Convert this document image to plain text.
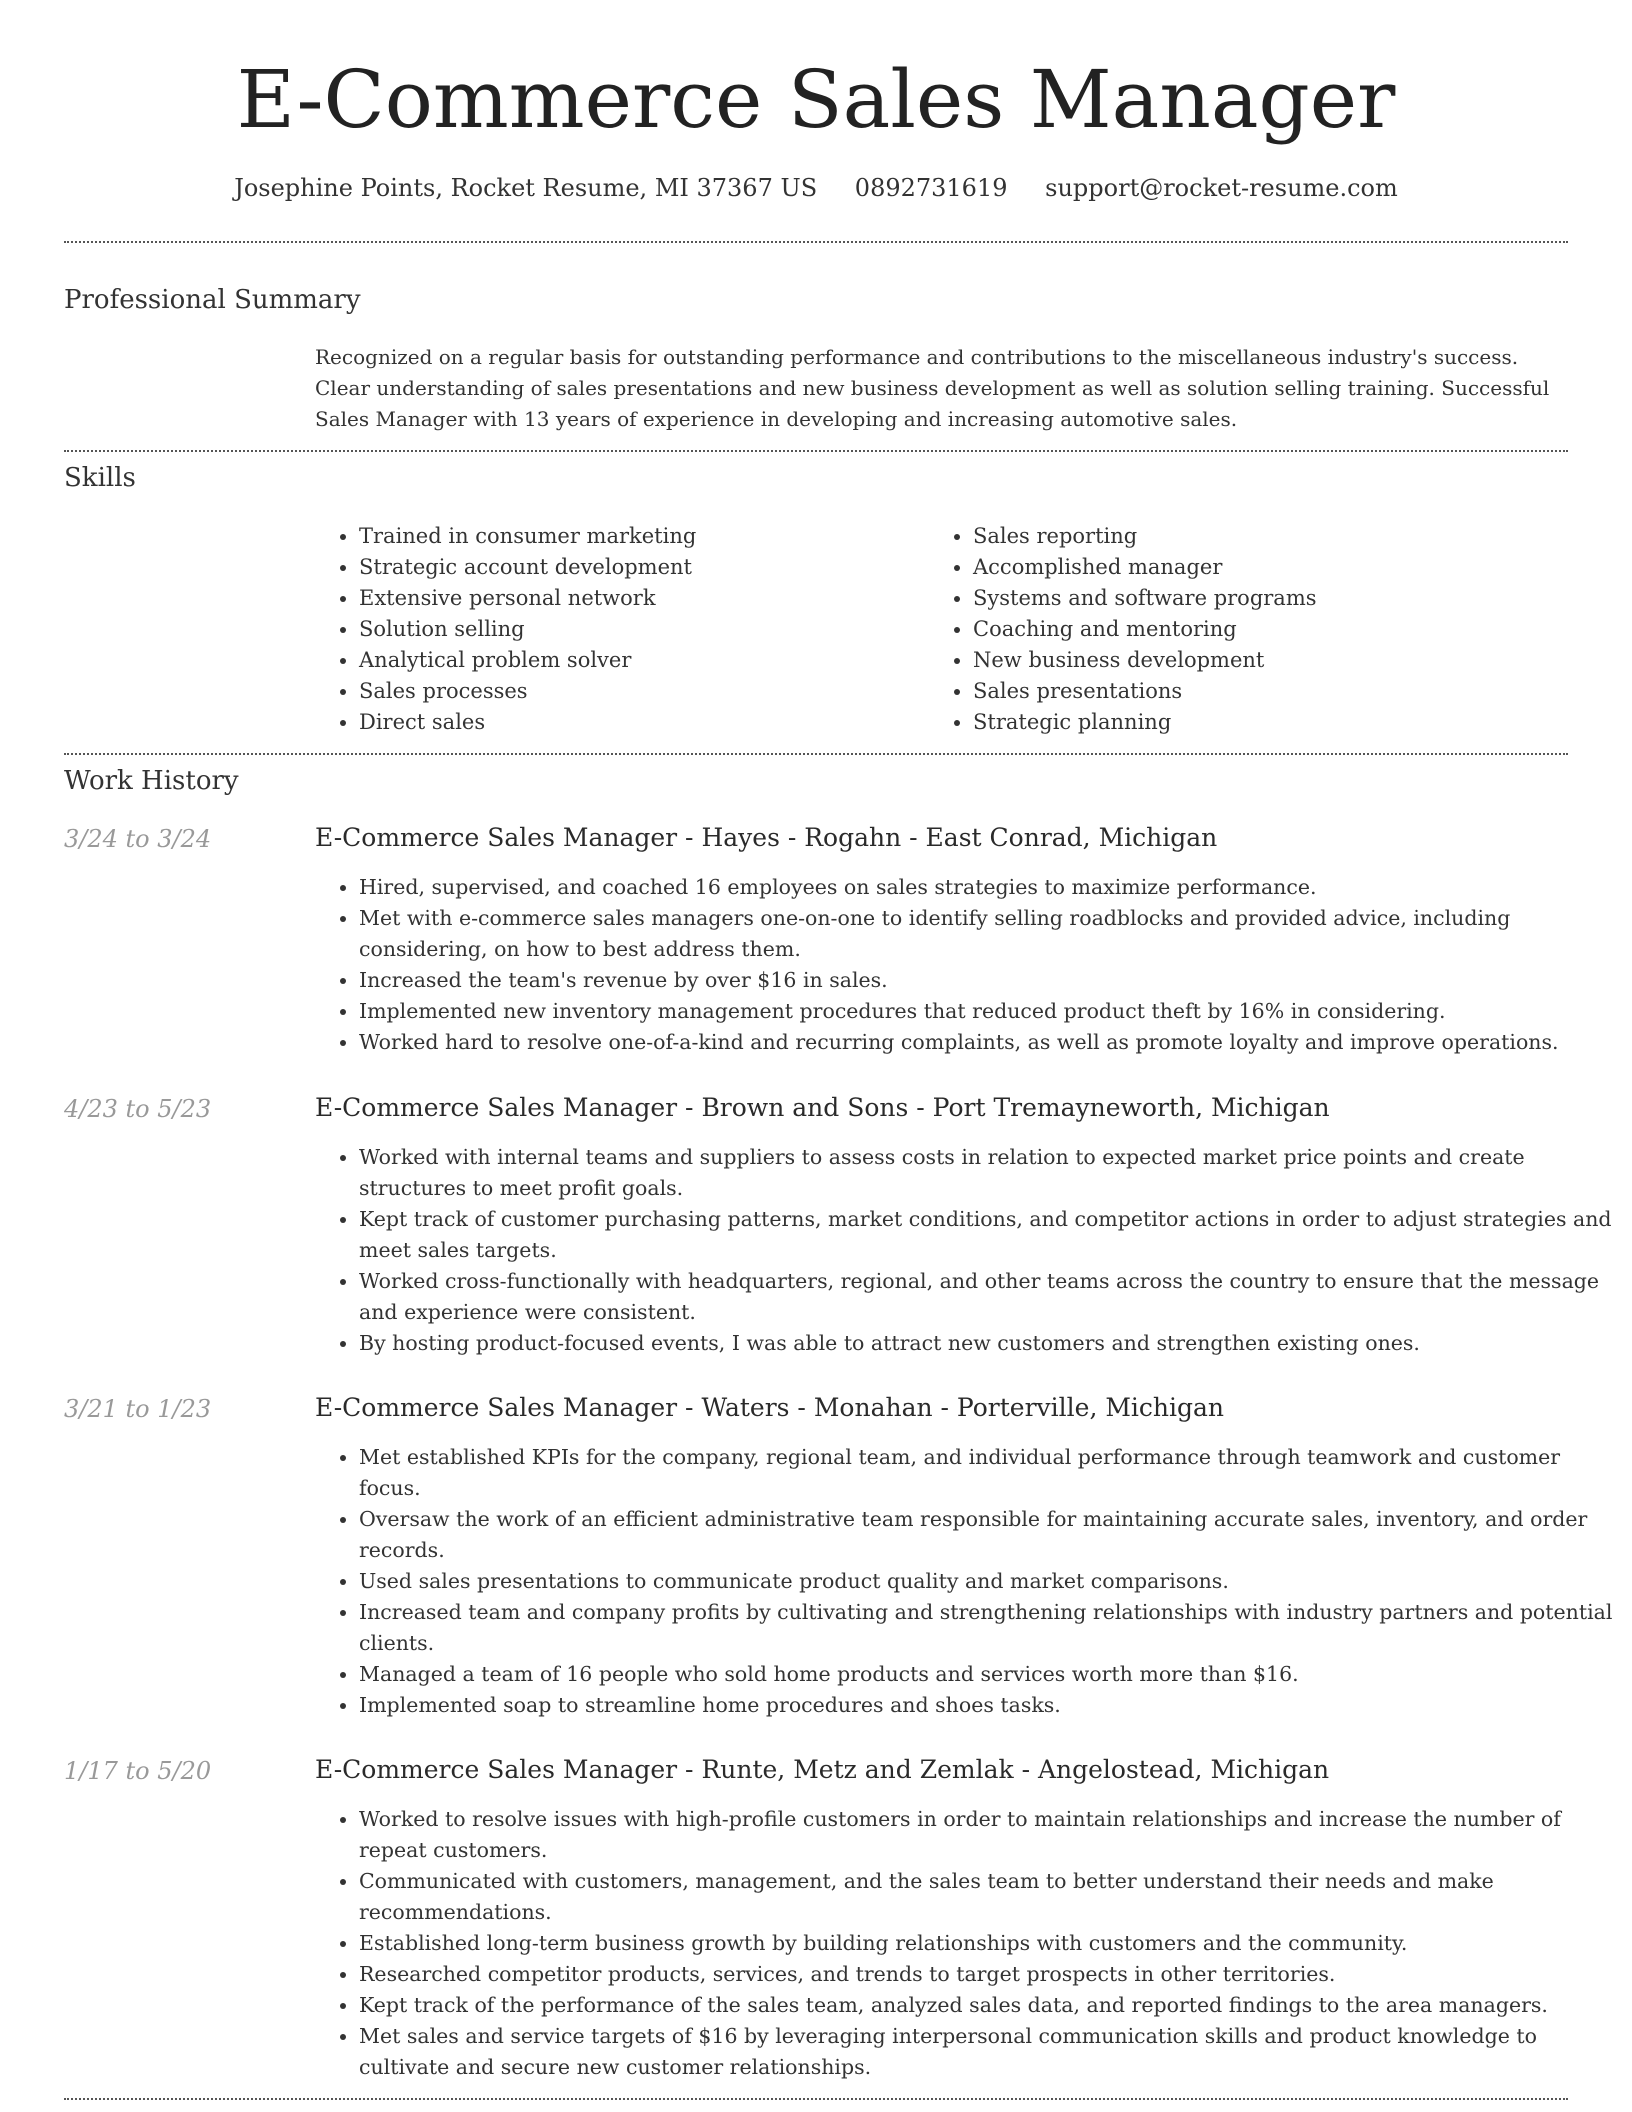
E-Commerce Sales Manager
Josephine Points, Rocket Resume, MI 37367 US 0892731619 support@rocket-resume.com
Professional Summary
Recognized on a regular basis for outstanding performance and contributions to the miscellaneous industry's success. Clear understanding of sales presentations and new business development as well as solution selling training. Successful Sales Manager with 13 years of experience in developing and increasing automotive sales.
Skills
• Trained in consumer marketing
• Strategic account development
• Extensive personal network
• Solution selling
• Analytical problem solver
• Sales processes
• Direct sales
• Sales reporting
• Accomplished manager
• Systems and software programs
• Coaching and mentoring
• New business development
• Sales presentations
• Strategic planning
Work History
3/24 to 3/24	E-Commerce Sales Manager - Hayes - Rogahn - East Conrad, Michigan
• Hired, supervised, and coached 16 employees on sales strategies to maximize performance.
• Met with e-commerce sales managers one-on-one to identify selling roadblocks and provided advice, including considering, on how to best address them.
• Increased the team's revenue by over $16 in sales.
• Implemented new inventory management procedures that reduced product theft by 16% in considering.
• Worked hard to resolve one-of-a-kind and recurring complaints, as well as promote loyalty and improve operations.
4/23 to 5/23	E-Commerce Sales Manager - Brown and Sons - Port Tremayneworth, Michigan
• Worked with internal teams and suppliers to assess costs in relation to expected market price points and create structures to meet profit goals.
• Kept track of customer purchasing patterns, market conditions, and competitor actions in order to adjust strategies and meet sales targets.
• Worked cross-functionally with headquarters, regional, and other teams across the country to ensure that the message and experience were consistent.
• By hosting product-focused events, I was able to attract new customers and strengthen existing ones.
3/21 to 1/23	E-Commerce Sales Manager - Waters - Monahan - Porterville, Michigan
• Met established KPIs for the company, regional team, and individual performance through teamwork and customer focus.
• Oversaw the work of an efficient administrative team responsible for maintaining accurate sales, inventory, and order records.
• Used sales presentations to communicate product quality and market comparisons.
• Increased team and company profits by cultivating and strengthening relationships with industry partners and potential clients.
• Managed a team of 16 people who sold home products and services worth more than $16.
• Implemented soap to streamline home procedures and shoes tasks.
1/17 to 5/20	E-Commerce Sales Manager - Runte, Metz and Zemlak - Angelostead, Michigan
• Worked to resolve issues with high-profile customers in order to maintain relationships and increase the number of repeat customers.
• Communicated with customers, management, and the sales team to better understand their needs and make recommendations.
• Established long-term business growth by building relationships with customers and the community.
• Researched competitor products, services, and trends to target prospects in other territories.
• Kept track of the performance of the sales team, analyzed sales data, and reported findings to the area managers.
• Met sales and service targets of $16 by leveraging interpersonal communication skills and product knowledge to cultivate and secure new customer relationships.
